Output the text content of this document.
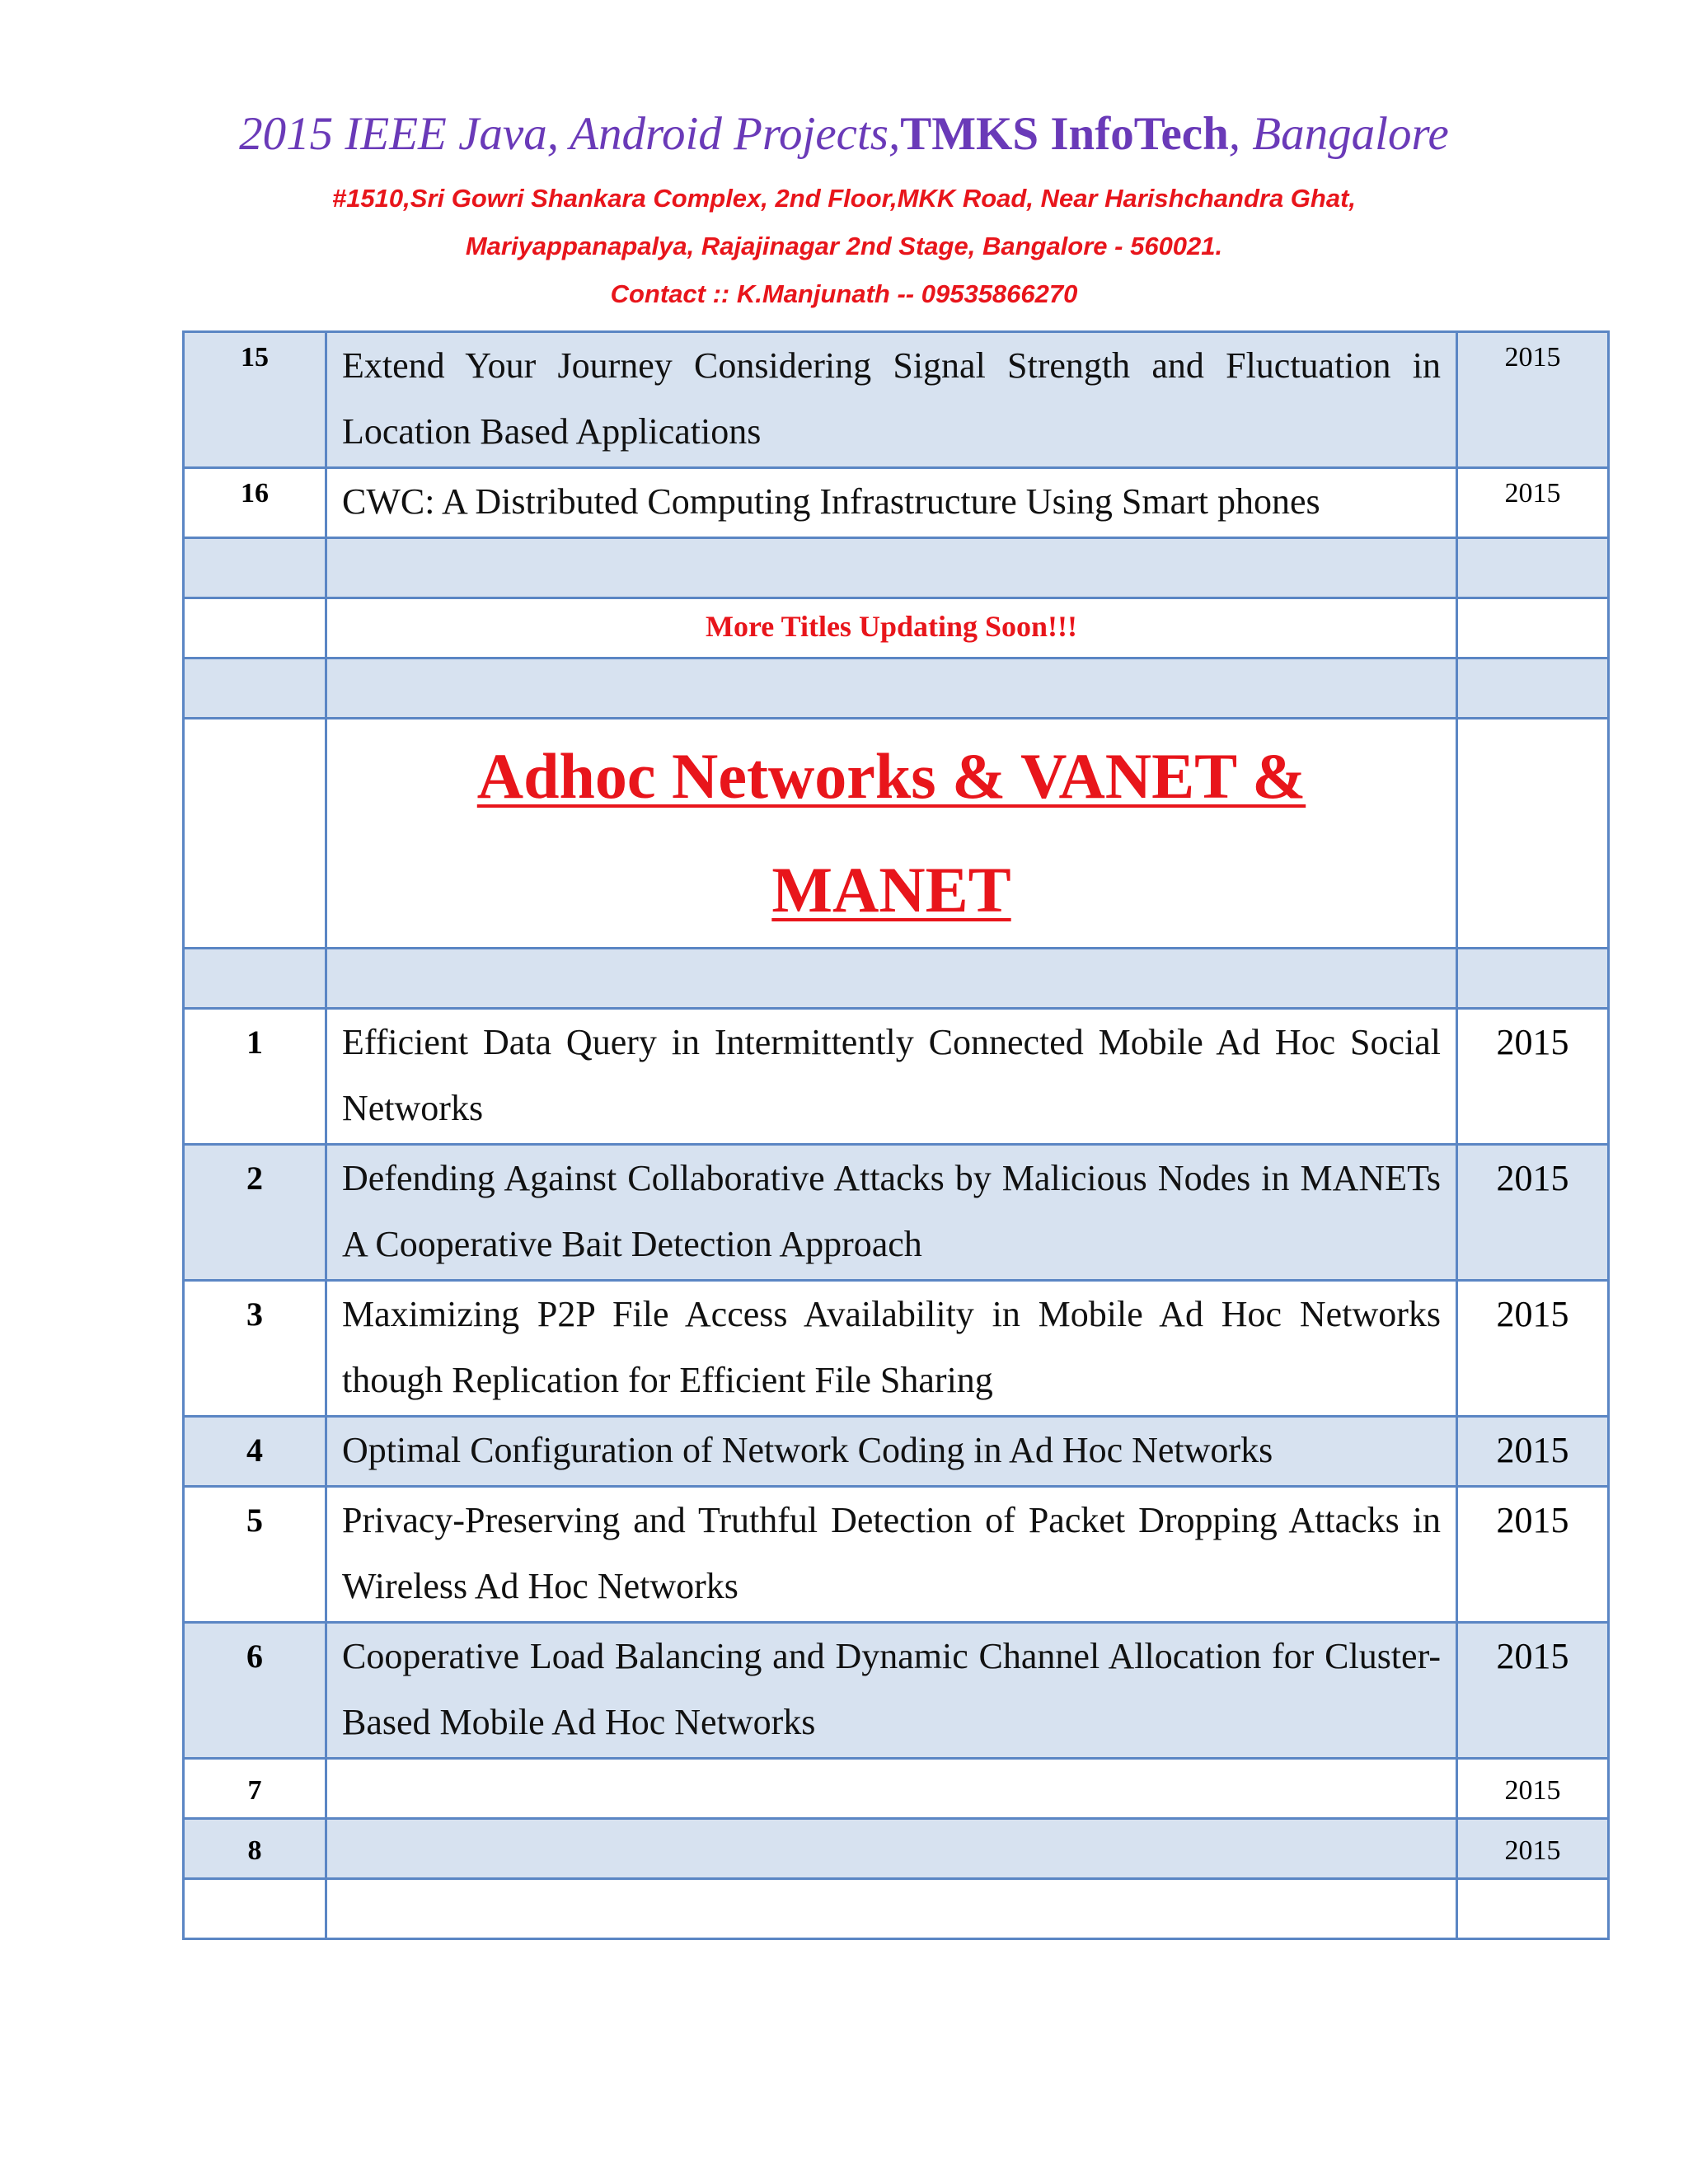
2015 IEEE Java, Android Projects,TMKS InfoTech, Bangalore
#1510,Sri Gowri Shankara Complex, 2nd Floor,MKK Road, Near Harishchandra Ghat,
Mariyappanapalya, Rajajinagar 2nd Stage, Bangalore - 560021.
Contact :: K.Manjunath -- 09535866270
15	Extend Your Journey Considering Signal Strength and Fluctuation in Location Based Applications	2015

16	CWC: A Distributed Computing Infrastructure Using Smart phones	2015

	More Titles Updating Soon!!!	

	Adhoc Networks & VANET &
MANET	

1	Efficient Data Query in Intermittently Connected Mobile Ad Hoc Social Networks	2015

2	Defending Against Collaborative Attacks by Malicious Nodes in MANETs A Cooperative Bait Detection Approach	2015

3	Maximizing P2P File Access Availability in Mobile Ad Hoc Networks though Replication for Efficient File Sharing	2015

4	Optimal Configuration of Network Coding in Ad Hoc Networks	2015

5	Privacy-Preserving and Truthful Detection of Packet Dropping Attacks in Wireless Ad Hoc Networks	2015

6	Cooperative Load Balancing and Dynamic Channel Allocation for Cluster-Based Mobile Ad Hoc Networks	2015

7		2015

8		2015
